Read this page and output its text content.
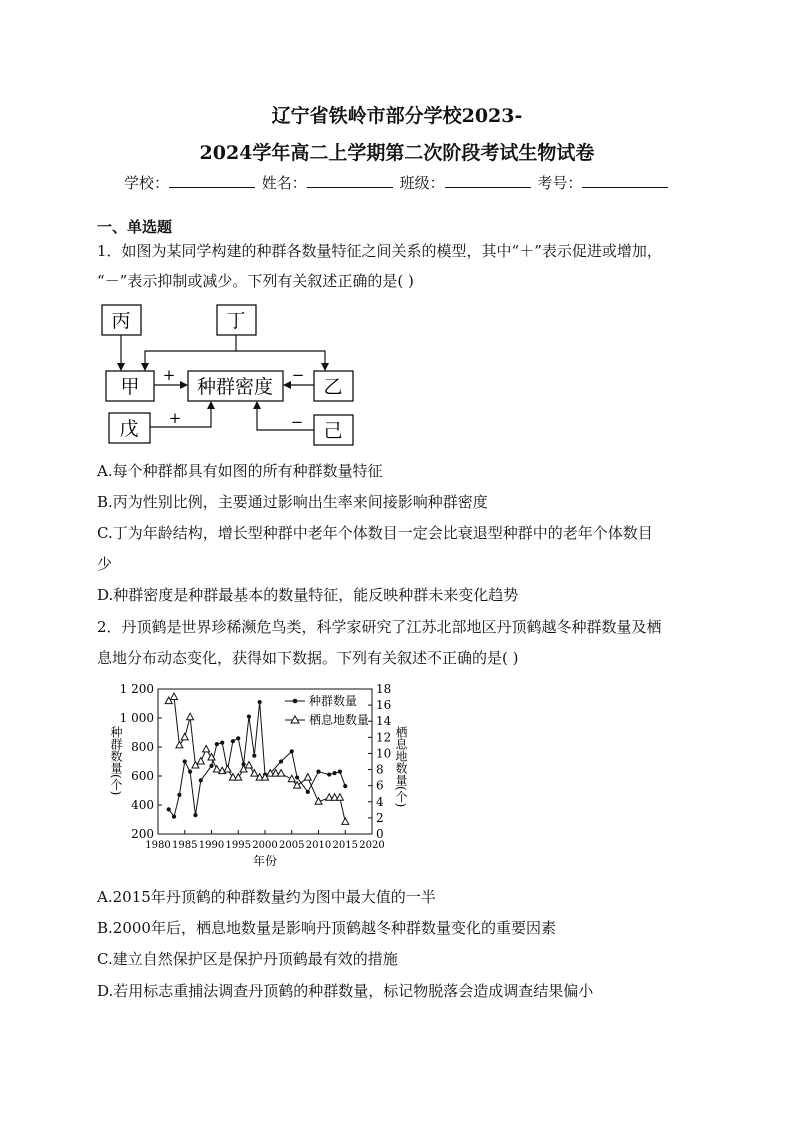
辽宁省铁岭市部分学校2023-
2024学年高二上学期第二次阶段考试生物试卷
学校：	姓名：	班级：	考号：
一、单选题
1．如图为某同学构建的种群各数量特征之间关系的模型，其中“＋”表示促进或增加，
“－”表示抑制或减少。下列有关叙述正确的是( )
丙	丁
甲	种群密度	乙
戊	己
+	−
+	−
A.每个种群都具有如图的所有种群数量特征
B.丙为性别比例，主要通过影响出生率来间接影响种群密度
C.丁为年龄结构，增长型种群中老年个体数目一定会比衰退型种群中的老年个体数目
少
D.种群密度是种群最基本的数量特征，能反映种群未来变化趋势
2．丹顶鹤是世界珍稀濒危鸟类，科学家研究了江苏北部地区丹顶鹤越冬种群数量及栖
息地分布动态变化，获得如下数据。下列有关叙述不正确的是( )
200
400
600
800
1 000
1 200
0
2
4
6
8
10
12
14
16
18
1980 1985 1990 1995 2000 2005 2010 2015 2020
种群数量(个)	栖息地数量(个)
年份
种群数量
栖息地数量
A.2015年丹顶鹤的种群数量约为图中最大值的一半
B.2000年后，栖息地数量是影响丹顶鹤越冬种群数量变化的重要因素
C.建立自然保护区是保护丹顶鹤最有效的措施
D.若用标志重捕法调查丹顶鹤的种群数量，标记物脱落会造成调查结果偏小
